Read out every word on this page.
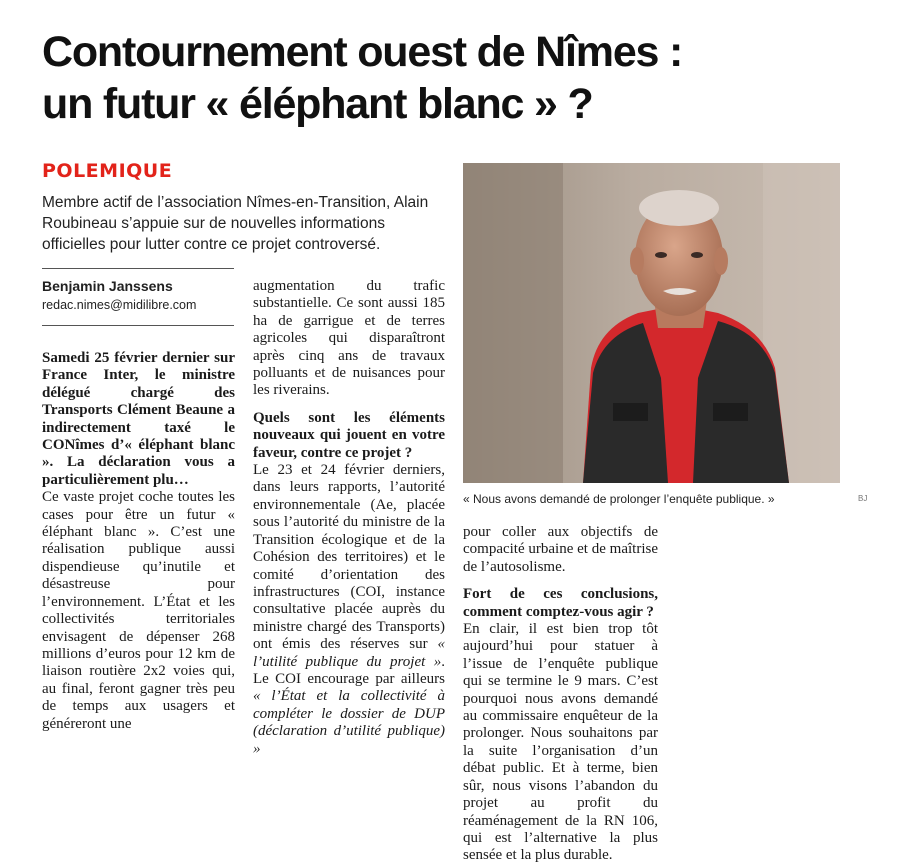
Contournement ouest de Nîmes :
un futur « éléphant blanc » ?
POLEMIQUE
Membre actif de l’association Nîmes-en-Transition, Alain Roubineau s’appuie sur de nouvelles informations officielles pour lutter contre ce projet controversé.
Benjamin Janssens
redac.nimes@midilibre.com

Samedi 25 février dernier sur France Inter, le ministre délégué chargé des Transports Clément Beaune a indirectement taxé le CONîmes d’« éléphant blanc ». La déclaration vous a particulièrement plu…

Ce vaste projet coche toutes les cases pour être un futur « éléphant blanc ». C’est une réalisation publique aussi dispendieuse qu’inutile et désastreuse pour l’environnement. L’État et les collectivités territoriales envisagent de dépenser 268 millions d’euros pour 12 km de liaison routière 2x2 voies qui, au final, feront gagner très peu de temps aux usagers et généreront une

augmentation du trafic substantielle. Ce sont aussi 185 ha de garrigue et de terres agricoles qui disparaîtront après cinq ans de travaux polluants et de nuisances pour les riverains.

Quels sont les éléments nouveaux qui jouent en votre faveur, contre ce projet ?

Le 23 et 24 février derniers, dans leurs rapports, l’autorité environnementale (Ae, placée sous l’autorité du ministre de la Transition écologique et de la Cohésion des territoires) et le comité d’orientation des infrastructures (COI, instance consultative placée auprès du ministre chargé des Transports) ont émis des réserves sur « l’utilité publique du projet ». Le COI encourage par ailleurs « l’État et la collectivité à compléter le dossier de DUP (déclaration d’utilité publique) »

« Nous avons demandé de prolonger l’enquête publique. »	BJ

pour coller aux objectifs de compacité urbaine et de maîtrise de l’autosolisme.

Fort de ces conclusions, comment comptez-vous agir ?

En clair, il est bien trop tôt aujourd’hui pour statuer à l’issue de l’enquête publique qui se termine le 9 mars. C’est pourquoi nous avons demandé au commissaire enquêteur de la prolonger. Nous souhaitons par la suite l’organisation d’un débat public. Et à terme, bien sûr, nous visons l’abandon du projet au profit du réaménagement de la RN 106, qui est l’alternative la plus sensée et la plus durable.
